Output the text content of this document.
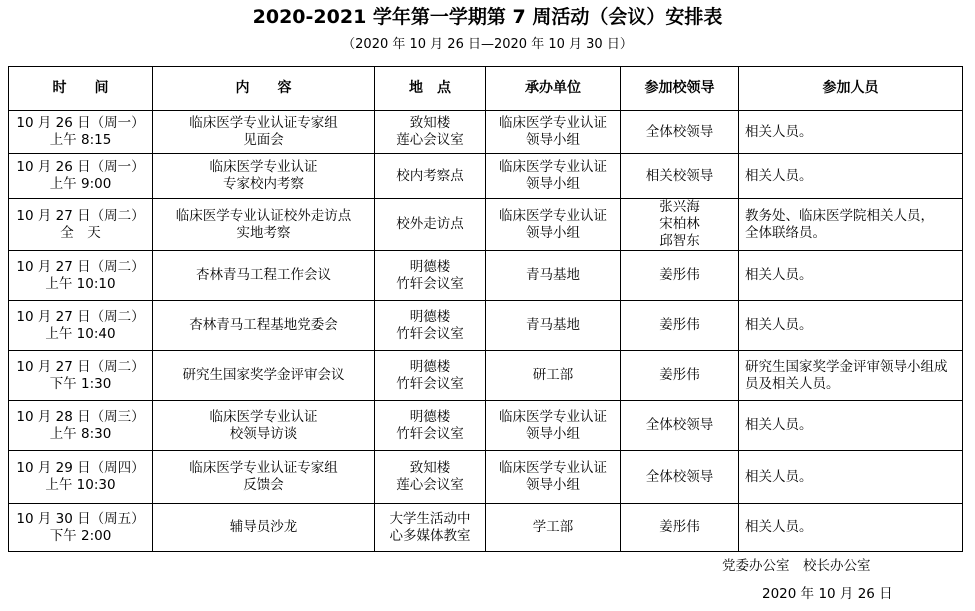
2020-2021 学年第一学期第 7 周活动（会议）安排表
（2020 年 10 月 26 日—2020 年 10 月 30 日）
时　　间	内　　容	地　点	承办单位	参加校领导	参加人员

10 月 26 日（周一）
上午 8:15	临床医学专业认证专家组
见面会	致知楼
莲心会议室	临床医学专业认证
领导小组	全体校领导	相关人员。

10 月 26 日（周一）
上午 9:00	临床医学专业认证
专家校内考察	校内考察点	临床医学专业认证
领导小组	相关校领导	相关人员。

10 月 27 日（周二）
全　天	临床医学专业认证校外走访点
实地考察	校外走访点	临床医学专业认证
领导小组	张兴海
宋柏林
邱智东	教务处、临床医学院相关人员，
全体联络员。

10 月 27 日（周二）
上午 10:10	杏林青马工程工作会议	明德楼
竹轩会议室	青马基地	姜彤伟	相关人员。

10 月 27 日（周二）
上午 10:40	杏林青马工程基地党委会	明德楼
竹轩会议室	青马基地	姜彤伟	相关人员。

10 月 27 日（周二）
下午 1:30	研究生国家奖学金评审会议	明德楼
竹轩会议室	研工部	姜彤伟	研究生国家奖学金评审领导小组成
员及相关人员。

10 月 28 日（周三）
上午 8:30	临床医学专业认证
校领导访谈	明德楼
竹轩会议室	临床医学专业认证
领导小组	全体校领导	相关人员。

10 月 29 日（周四）
上午 10:30	临床医学专业认证专家组
反馈会	致知楼
莲心会议室	临床医学专业认证
领导小组	全体校领导	相关人员。

10 月 30 日（周五）
下午 2:00	辅导员沙龙	大学生活动中
心多媒体教室	学工部	姜彤伟	相关人员。
党委办公室　校长办公室
2020 年 10 月 26 日
